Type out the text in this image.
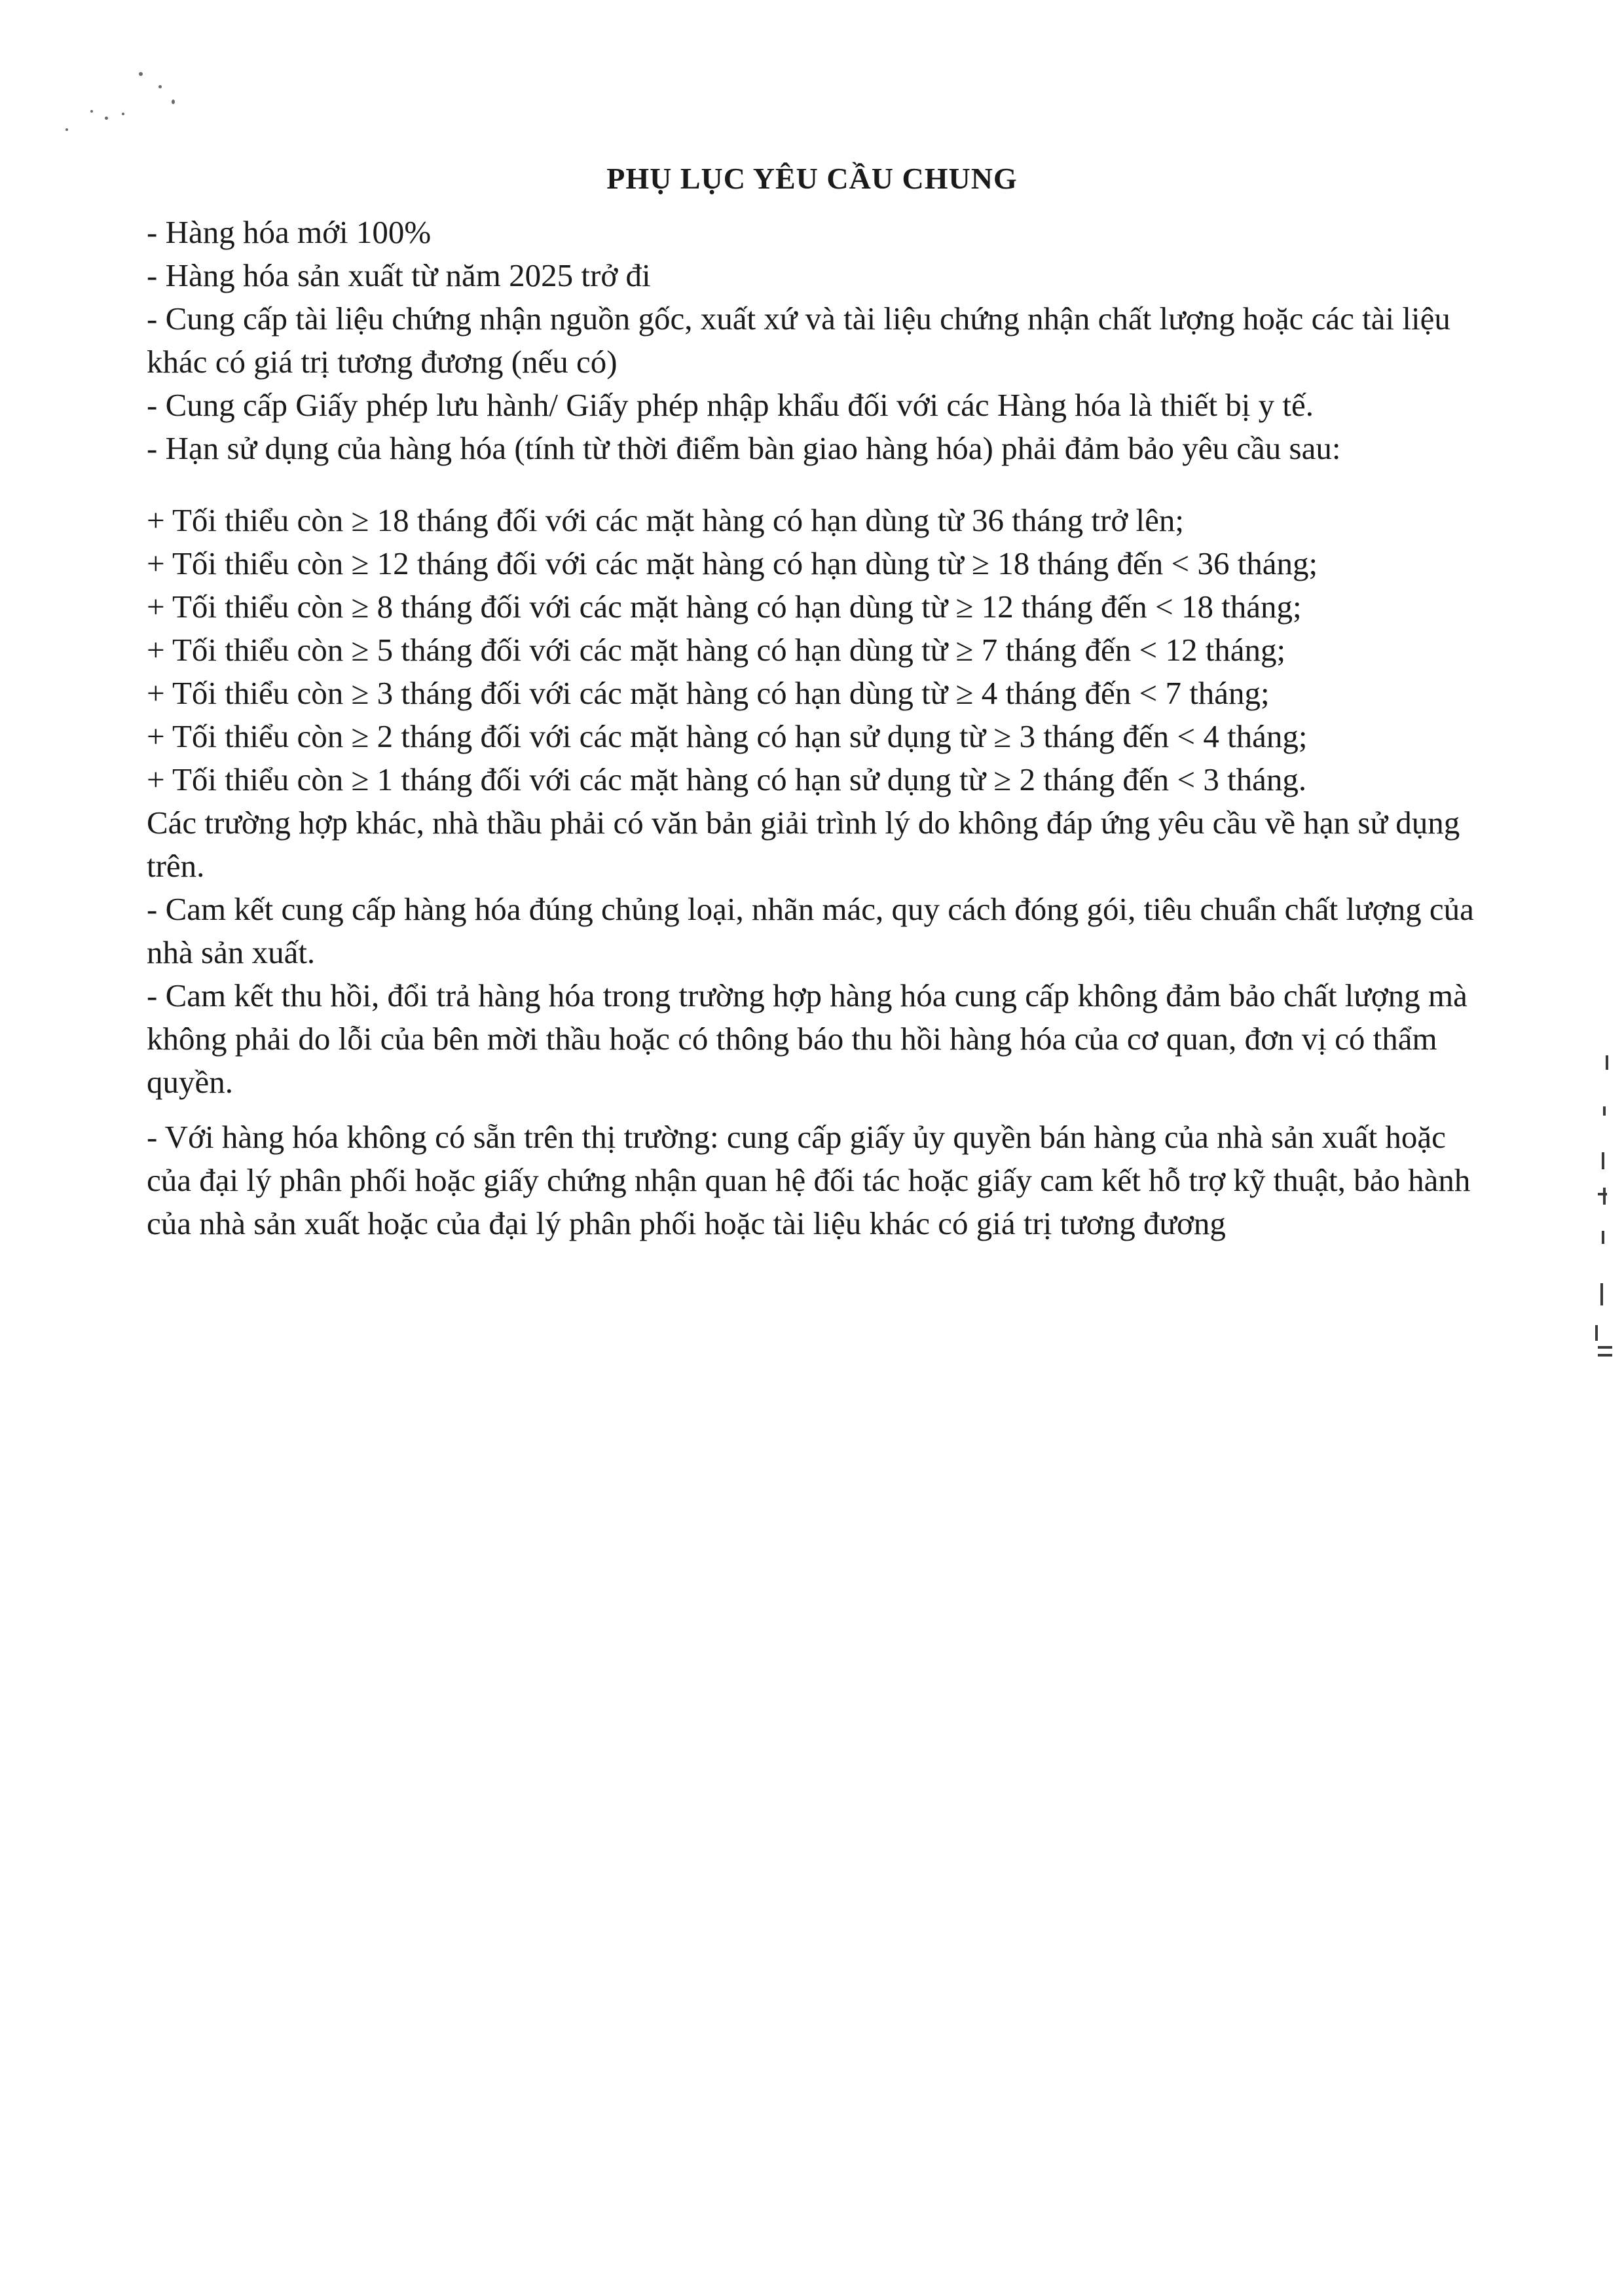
PHỤ LỤC YÊU CẦU CHUNG

- Hàng hóa mới 100%

- Hàng hóa sản xuất từ năm 2025 trở đi

- Cung cấp tài liệu chứng nhận nguồn gốc, xuất xứ và tài liệu chứng nhận chất lượng hoặc các tài liệu khác có giá trị tương đương (nếu có)

- Cung cấp Giấy phép lưu hành/ Giấy phép nhập khẩu đối với các Hàng hóa là thiết bị y tế.

- Hạn sử dụng của hàng hóa (tính từ thời điểm bàn giao hàng hóa) phải đảm bảo yêu cầu sau:

+ Tối thiểu còn ≥ 18 tháng đối với các mặt hàng có hạn dùng từ 36 tháng trở lên;

+ Tối thiểu còn ≥ 12 tháng đối với các mặt hàng có hạn dùng từ ≥ 18 tháng đến < 36 tháng;

+ Tối thiểu còn ≥ 8 tháng đối với các mặt hàng có hạn dùng từ ≥ 12 tháng đến < 18 tháng;

+ Tối thiểu còn ≥ 5 tháng đối với các mặt hàng có hạn dùng từ ≥ 7 tháng đến < 12 tháng;

+ Tối thiểu còn ≥ 3 tháng đối với các mặt hàng có hạn dùng từ ≥ 4 tháng đến < 7 tháng;

+ Tối thiểu còn ≥ 2 tháng đối với các mặt hàng có hạn sử dụng từ ≥ 3 tháng đến < 4 tháng;

+ Tối thiểu còn ≥ 1 tháng đối với các mặt hàng có hạn sử dụng từ ≥ 2 tháng đến < 3 tháng.

Các trường hợp khác, nhà thầu phải có văn bản giải trình lý do không đáp ứng yêu cầu về hạn sử dụng trên.

- Cam kết cung cấp hàng hóa đúng chủng loại, nhãn mác, quy cách đóng gói, tiêu chuẩn chất lượng của nhà sản xuất.

- Cam kết thu hồi, đổi trả hàng hóa trong trường hợp hàng hóa cung cấp không đảm bảo chất lượng mà không phải do lỗi của bên mời thầu hoặc có thông báo thu hồi hàng hóa của cơ quan, đơn vị có thẩm quyền.

- Với hàng hóa không có sẵn trên thị trường: cung cấp giấy ủy quyền bán hàng của nhà sản xuất hoặc của đại lý phân phối hoặc giấy chứng nhận quan hệ đối tác hoặc giấy cam kết hỗ trợ kỹ thuật, bảo hành của nhà sản xuất hoặc của đại lý phân phối hoặc tài liệu khác có giá trị tương đương
